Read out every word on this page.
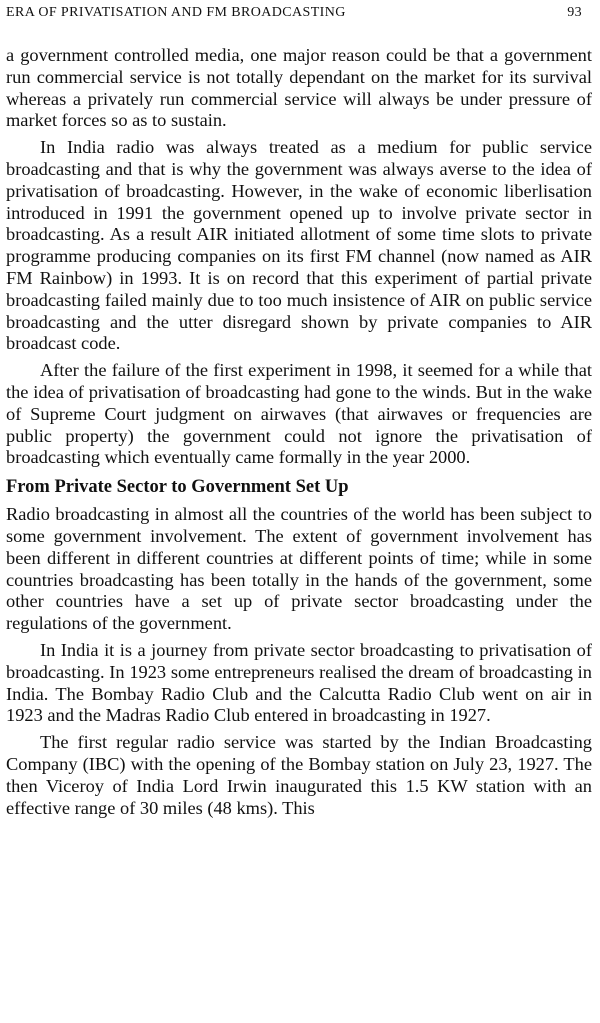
ERA OF PRIVATISATION AND FM BROADCASTING	93

a government controlled media, one major reason could be that a government run commercial service is not totally dependant on the market for its survival whereas a privately run commercial service will always be under pressure of market forces so as to sustain.

In India radio was always treated as a medium for public service broadcasting and that is why the government was always averse to the idea of privatisation of broadcasting. However, in the wake of economic liberlisation introduced in 1991 the government opened up to involve private sector in broadcasting. As a result AIR initiated allotment of some time slots to private programme producing companies on its first FM channel (now named as AIR FM Rainbow) in 1993. It is on record that this experiment of partial private broadcasting failed mainly due to too much insistence of AIR on public service broadcasting and the utter disregard shown by private companies to AIR broadcast code.

After the failure of the first experiment in 1998, it seemed for a while that the idea of privatisation of broadcasting had gone to the winds. But in the wake of Supreme Court judgment on airwaves (that airwaves or frequencies are public property) the government could not ignore the privatisation of broadcasting which eventually came formally in the year 2000.

From Private Sector to Government Set Up

Radio broadcasting in almost all the countries of the world has been subject to some government involvement. The extent of government involvement has been different in different countries at different points of time; while in some countries broadcasting has been totally in the hands of the government, some other countries have a set up of private sector broadcasting under the regulations of the government.

In India it is a journey from private sector broadcasting to privatisation of broadcasting. In 1923 some entrepreneurs realised the dream of broadcasting in India. The Bombay Radio Club and the Calcutta Radio Club went on air in 1923 and the Madras Radio Club entered in broadcasting in 1927.

The first regular radio service was started by the Indian Broadcasting Company (IBC) with the opening of the Bombay station on July 23, 1927. The then Viceroy of India Lord Irwin inaugurated this 1.5 KW station with an effective range of 30 miles (48 kms). This
